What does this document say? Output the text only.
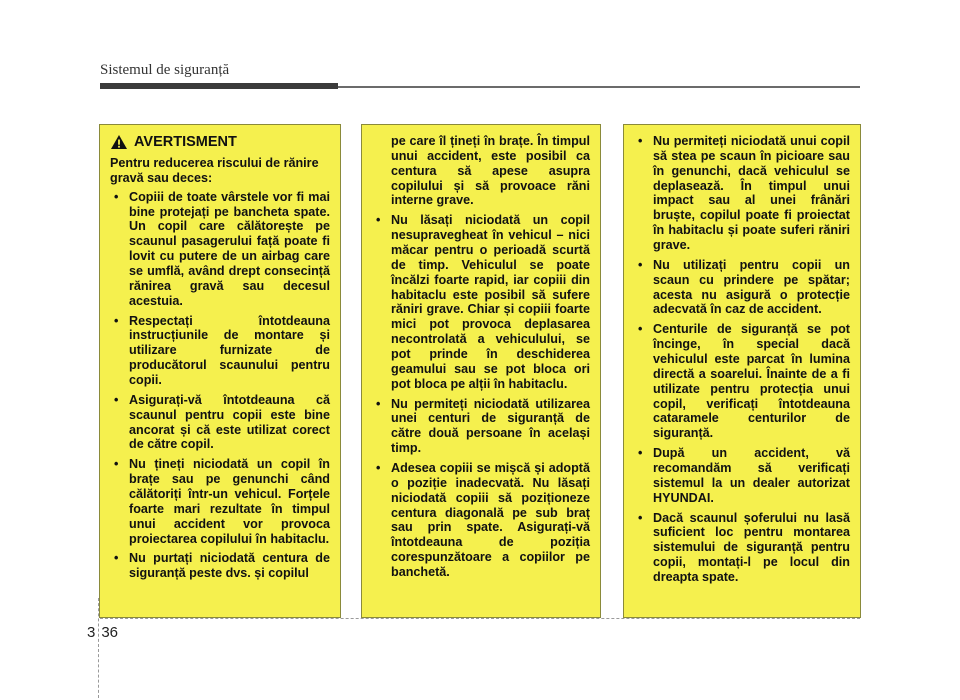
Sistemul de siguranță
AVERTISMENT
Pentru reducerea riscului de rănire gravă sau deces:
• Copiii de toate vârstele vor fi mai bine protejați pe bancheta spate. Un copil care călătorește pe scaunul pasagerului față poate fi lovit cu putere de un airbag care se umflă, având drept consecință rănirea gravă sau decesul acestuia.
• Respectați întotdeauna instrucțiunile de montare și utilizare furnizate de producătorul scaunului pentru copii.
• Asigurați-vă întotdeauna că scaunul pentru copii este bine ancorat și că este utilizat corect de către copil.
• Nu țineți niciodată un copil în brațe sau pe genunchi când călătoriți într-un vehicul. Forțele foarte mari rezultate în timpul unui accident vor provoca proiectarea copilului în habitaclu.
• Nu purtați niciodată centura de siguranță peste dvs. și copilul
pe care îl țineți în brațe. În timpul unui accident, este posibil ca centura să apese asupra copilului și să provoace răni interne grave.
• Nu lăsați niciodată un copil nesupravegheat în vehicul – nici măcar pentru o perioadă scurtă de timp. Vehiculul se poate încălzi foarte rapid, iar copiii din habitaclu este posibil să sufere răniri grave. Chiar și copiii foarte mici pot provoca deplasarea necontrolată a vehiculului, se pot prinde în deschiderea geamului sau se pot bloca ori pot bloca pe alții în habitaclu.
• Nu permiteți niciodată utilizarea unei centuri de siguranță de către două persoane în același timp.
• Adesea copiii se mișcă și adoptă o poziție inadecvată. Nu lăsați niciodată copiii să poziționeze centura diagonală pe sub braț sau prin spate. Asigurați-vă întotdeauna de poziția corespunzătoare a copiilor pe banchetă.
• Nu permiteți niciodată unui copil să stea pe scaun în picioare sau în genunchi, dacă vehiculul se deplasează. În timpul unui impact sau al unei frânări bruște, copilul poate fi proiectat în habitaclu și poate suferi răniri grave.
• Nu utilizați pentru copii un scaun cu prindere pe spătar; acesta nu asigură o protecție adecvată în caz de accident.
• Centurile de siguranță se pot încinge, în special dacă vehiculul este parcat în lumina directă a soarelui. Înainte de a fi utilizate pentru protecția unui copil, verificați întotdeauna cataramele centurilor de siguranță.
• După un accident, vă recomandăm să verificați sistemul la un dealer autorizat HYUNDAI.
• Dacă scaunul șoferului nu lasă suficient loc pentru montarea sistemului de siguranță pentru copii, montați-l pe locul din dreapta spate.
3 36
